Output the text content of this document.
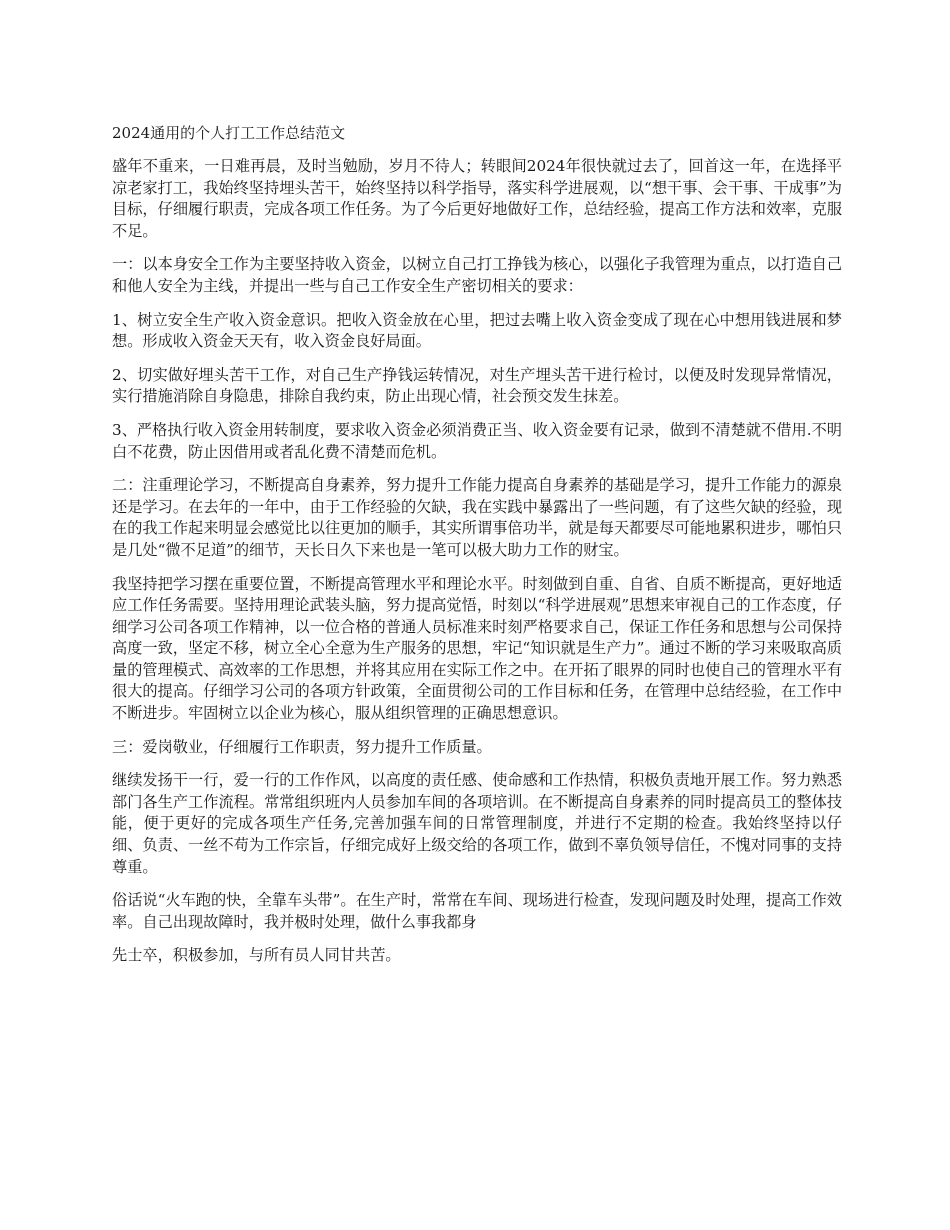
2024通用的个人打工工作总结范文

盛年不重来，一日难再晨，及时当勉励，岁月不待人；转眼间2024年很快就过去了，回首这一年，在选择平凉老家打工，我始终坚持埋头苦干，始终坚持以科学指导，落实科学进展观，以“想干事、会干事、干成事”为目标，仔细履行职责，完成各项工作任务。为了今后更好地做好工作，总结经验，提高工作方法和效率，克服不足。

一：以本身安全工作为主要坚持收入资金，以树立自己打工挣钱为核心，以强化子我管理为重点，以打造自己和他人安全为主线，并提出一些与自己工作安全生产密切相关的要求：

1、树立安全生产收入资金意识。把收入资金放在心里，把过去嘴上收入资金变成了现在心中想用钱进展和梦想。形成收入资金天天有，收入资金良好局面。

2、切实做好埋头苦干工作，对自己生产挣钱运转情况，对生产埋头苦干进行检讨，以便及时发现异常情况，实行措施消除自身隐患，排除自我约束，防止出现心情，社会预交发生抹差。

3、严格执行收入资金用转制度，要求收入资金必须消费正当、收入资金要有记录，做到不清楚就不借用.不明白不花费，防止因借用或者乱化费不清楚而危机。

二：注重理论学习，不断提高自身素养，努力提升工作能力提高自身素养的基础是学习，提升工作能力的源泉还是学习。在去年的一年中，由于工作经验的欠缺，我在实践中暴露出了一些问题，有了这些欠缺的经验，现在的我工作起来明显会感觉比以往更加的顺手，其实所谓事倍功半，就是每天都要尽可能地累积进步，哪怕只是几处“微不足道”的细节，天长日久下来也是一笔可以极大助力工作的财宝。

我坚持把学习摆在重要位置，不断提高管理水平和理论水平。时刻做到自重、自省、自质不断提高，更好地适应工作任务需要。坚持用理论武装头脑，努力提高觉悟，时刻以“科学进展观”思想来审视自己的工作态度，仔细学习公司各项工作精神，以一位合格的普通人员标准来时刻严格要求自己，保证工作任务和思想与公司保持高度一致，坚定不移，树立全心全意为生产服务的思想，牢记“知识就是生产力”。通过不断的学习来吸取高质量的管理模式、高效率的工作思想，并将其应用在实际工作之中。在开拓了眼界的同时也使自己的管理水平有很大的提高。仔细学习公司的各项方针政策，全面贯彻公司的工作目标和任务，在管理中总结经验，在工作中不断进步。牢固树立以企业为核心，服从组织管理的正确思想意识。

三：爱岗敬业，仔细履行工作职责，努力提升工作质量。

继续发扬干一行，爱一行的工作作风，以高度的责任感、使命感和工作热情，积极负责地开展工作。努力熟悉部门各生产工作流程。常常组织班内人员参加车间的各项培训。在不断提高自身素养的同时提高员工的整体技能，便于更好的完成各项生产任务,完善加强车间的日常管理制度，并进行不定期的检查。我始终坚持以仔细、负责、一丝不苟为工作宗旨，仔细完成好上级交给的各项工作，做到不辜负领导信任，不愧对同事的支持尊重。

俗话说“火车跑的快，全靠车头带”。在生产时，常常在车间、现场进行检查，发现问题及时处理，提高工作效率。自己出现故障时，我并极时处理，做什么事我都身

先士卒，积极参加，与所有员人同甘共苦。
